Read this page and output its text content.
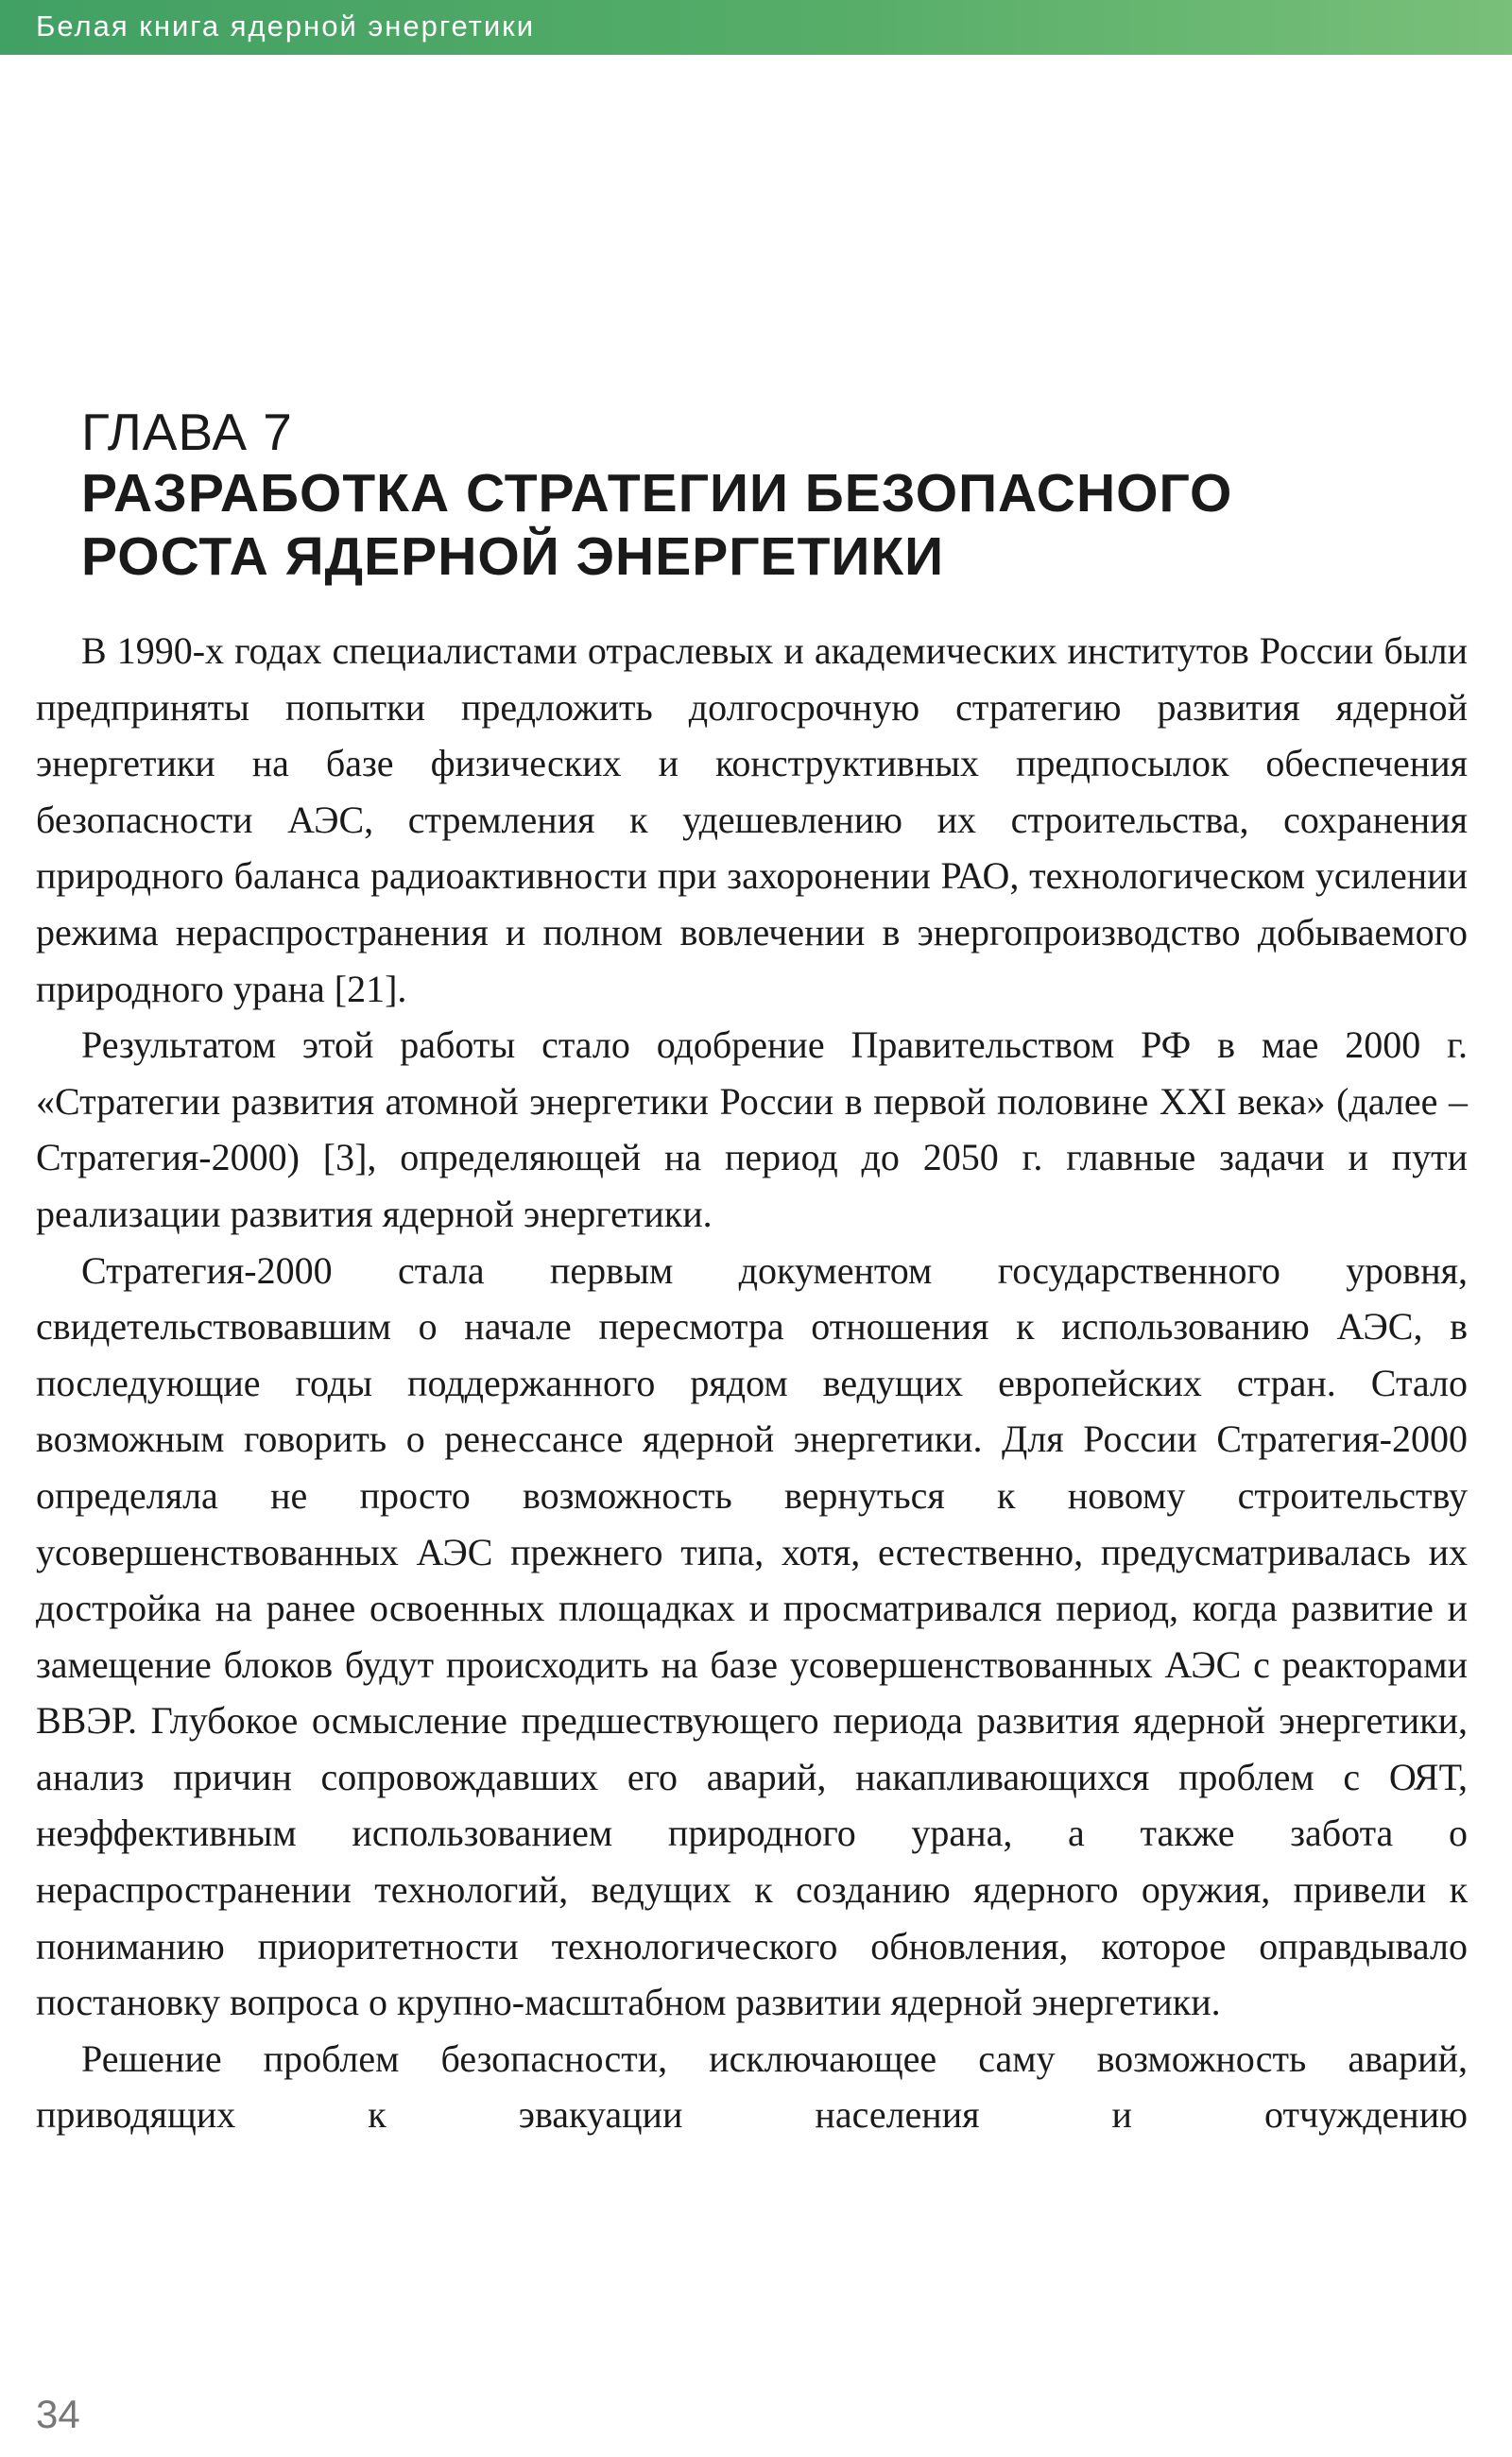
Белая книга ядерной энергетики
ГЛАВА 7
РАЗРАБОТКА СТРАТЕГИИ БЕЗОПАСНОГО
РОСТА ЯДЕРНОЙ ЭНЕРГЕТИКИ

В 1990-х годах специалистами отраслевых и академических институтов России были предприняты попытки предложить долгосрочную стратегию развития ядерной энергетики на базе физических и конструктивных предпосылок обеспечения безопасности АЭС, стремления к удешевлению их строительства, сохранения природного баланса радиоактивности при захоронении РАО, технологическом усилении режима нераспространения и полном вовлечении в энергопроизводство добываемого природного урана [21].

Результатом этой работы стало одобрение Правительством РФ в мае 2000 г. «Стратегии развития атомной энергетики России в первой половине XXI века» (далее – Стратегия-2000) [3], определяющей на период до 2050 г. главные задачи и пути реализации развития ядерной энергетики.

Стратегия-2000 стала первым документом государственного уровня, свидетельствовавшим о начале пересмотра отношения к использованию АЭС, в последующие годы поддержанного рядом ведущих европейских стран. Стало возможным говорить о ренессансе ядерной энергетики. Для России Стратегия-2000 определяла не просто возможность вернуться к новому строительству усовершенствованных АЭС прежнего типа, хотя, естественно, предусматривалась их достройка на ранее освоенных площадках и просматривался период, когда развитие и замещение блоков будут происходить на базе усовершенствованных АЭС с реакторами ВВЭР. Глубокое осмысление предшествующего периода развития ядерной энергетики, анализ причин сопровождавших его аварий, накапливающихся проблем с ОЯТ, неэффективным использованием природного урана, а также забота о нераспространении технологий, ведущих к созданию ядерного оружия, привели к пониманию приоритетности технологического обновления, которое оправдывало постановку вопроса о крупно-масштабном развитии ядерной энергетики.

Решение проблем безопасности, исключающее саму возможность аварий, приводящих к эвакуации населения и отчуждению

34
